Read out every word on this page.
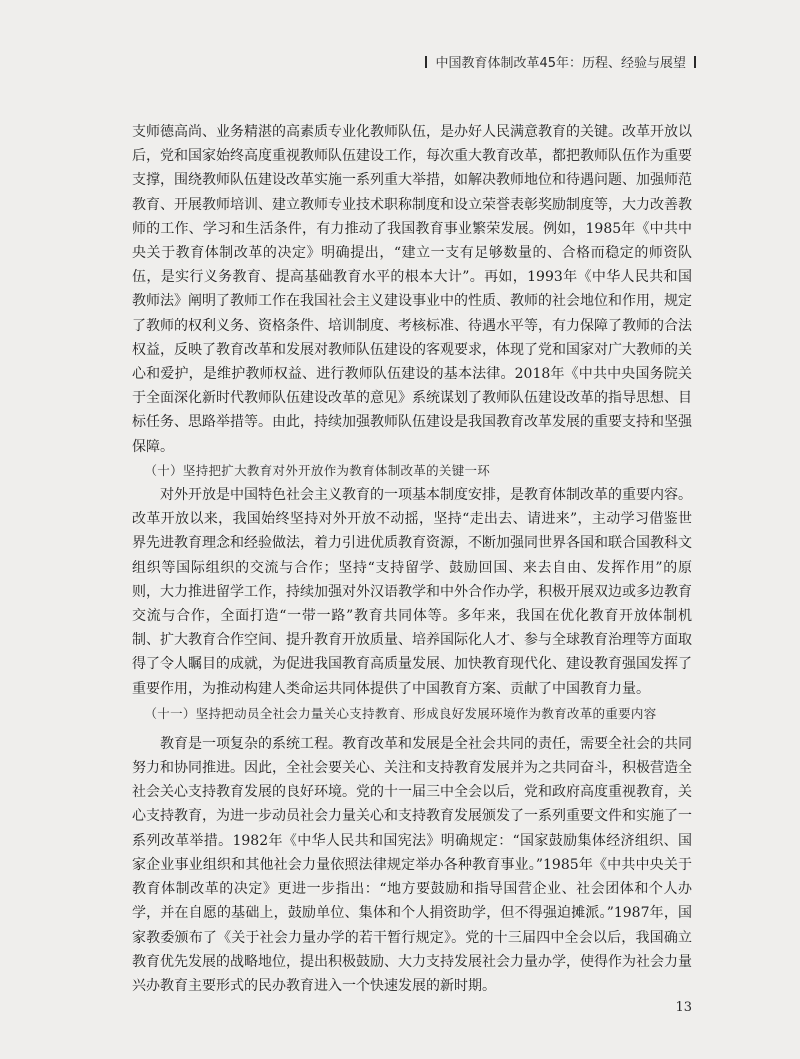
中国教育体制改革45年：历程、经验与展望

支师德高尚、业务精湛的高素质专业化教师队伍，是办好人民满意教育的关键。改革开放以后，党和国家始终高度重视教师队伍建设工作，每次重大教育改革，都把教师队伍作为重要支撑，围绕教师队伍建设改革实施一系列重大举措，如解决教师地位和待遇问题、加强师范教育、开展教师培训、建立教师专业技术职称制度和设立荣誉表彰奖励制度等，大力改善教师的工作、学习和生活条件，有力推动了我国教育事业繁荣发展。例如，1985年《中共中央关于教育体制改革的决定》明确提出，“建立一支有足够数量的、合格而稳定的师资队伍，是实行义务教育、提高基础教育水平的根本大计”。再如，1993年《中华人民共和国教师法》阐明了教师工作在我国社会主义建设事业中的性质、教师的社会地位和作用，规定了教师的权利义务、资格条件、培训制度、考核标准、待遇水平等，有力保障了教师的合法权益，反映了教育改革和发展对教师队伍建设的客观要求，体现了党和国家对广大教师的关心和爱护，是维护教师权益、进行教师队伍建设的基本法律。2018年《中共中央国务院关于全面深化新时代教师队伍建设改革的意见》系统谋划了教师队伍建设改革的指导思想、目标任务、思路举措等。由此，持续加强教师队伍建设是我国教育改革发展的重要支持和坚强保障。

（十）坚持把扩大教育对外开放作为教育体制改革的关键一环

对外开放是中国特色社会主义教育的一项基本制度安排，是教育体制改革的重要内容。改革开放以来，我国始终坚持对外开放不动摇，坚持“走出去、请进来”，主动学习借鉴世界先进教育理念和经验做法，着力引进优质教育资源，不断加强同世界各国和联合国教科文组织等国际组织的交流与合作；坚持“支持留学、鼓励回国、来去自由、发挥作用”的原则，大力推进留学工作，持续加强对外汉语教学和中外合作办学，积极开展双边或多边教育交流与合作，全面打造“一带一路”教育共同体等。多年来，我国在优化教育开放体制机制、扩大教育合作空间、提升教育开放质量、培养国际化人才、参与全球教育治理等方面取得了令人瞩目的成就，为促进我国教育高质量发展、加快教育现代化、建设教育强国发挥了重要作用，为推动构建人类命运共同体提供了中国教育方案、贡献了中国教育力量。

（十一）坚持把动员全社会力量关心支持教育、形成良好发展环境作为教育改革的重要内容

教育是一项复杂的系统工程。教育改革和发展是全社会共同的责任，需要全社会的共同努力和协同推进。因此，全社会要关心、关注和支持教育发展并为之共同奋斗，积极营造全社会关心支持教育发展的良好环境。党的十一届三中全会以后，党和政府高度重视教育，关心支持教育，为进一步动员社会力量关心和支持教育发展颁发了一系列重要文件和实施了一系列改革举措。1982年《中华人民共和国宪法》明确规定：“国家鼓励集体经济组织、国家企业事业组织和其他社会力量依照法律规定举办各种教育事业。”1985年《中共中央关于教育体制改革的决定》更进一步指出：“地方要鼓励和指导国营企业、社会团体和个人办学，并在自愿的基础上，鼓励单位、集体和个人捐资助学，但不得强迫摊派。”1987年，国家教委颁布了《关于社会力量办学的若干暂行规定》。党的十三届四中全会以后，我国确立教育优先发展的战略地位，提出积极鼓励、大力支持发展社会力量办学，使得作为社会力量兴办教育主要形式的民办教育进入一个快速发展的新时期。

13
